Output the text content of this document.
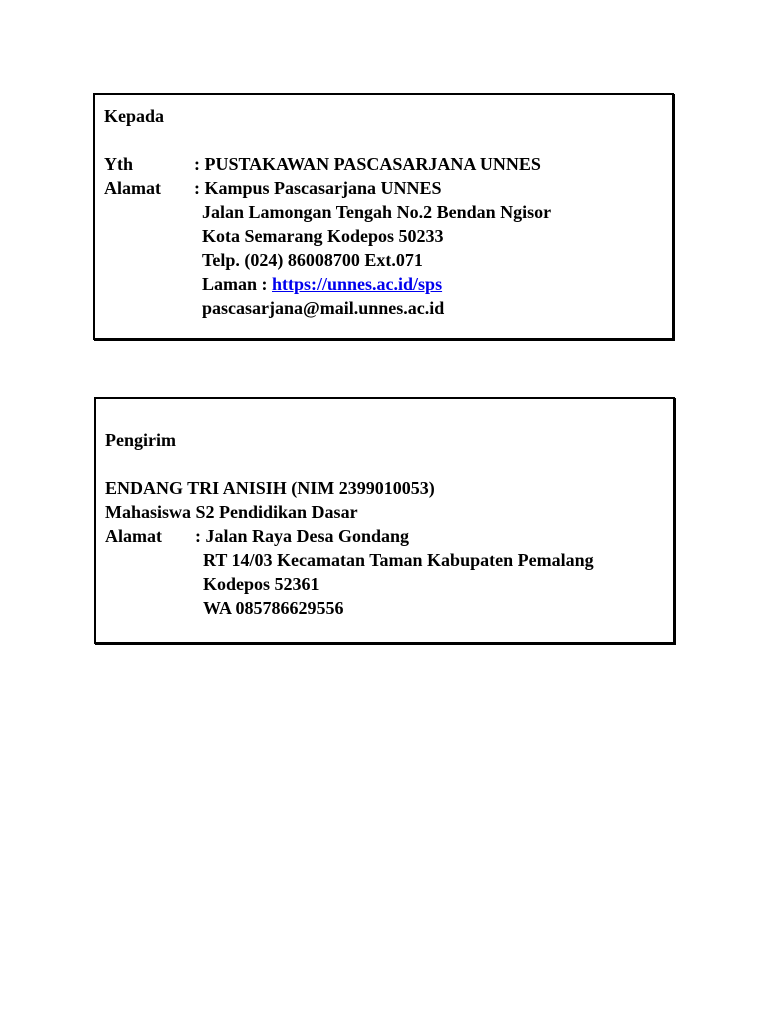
Kepada
Yth	: PUSTAKAWAN PASCASARJANA UNNES
Alamat : Kampus Pascasarjana UNNES
Jalan Lamongan Tengah No.2 Bendan Ngisor
Kota Semarang Kodepos 50233
Telp. (024) 86008700 Ext.071
Laman : https://unnes.ac.id/sps
pascasarjana@mail.unnes.ac.id
Pengirim
ENDANG TRI ANISIH (NIM 2399010053)
Mahasiswa S2 Pendidikan Dasar
Alamat : Jalan Raya Desa Gondang
RT 14/03 Kecamatan Taman Kabupaten Pemalang
Kodepos 52361
WA 085786629556
